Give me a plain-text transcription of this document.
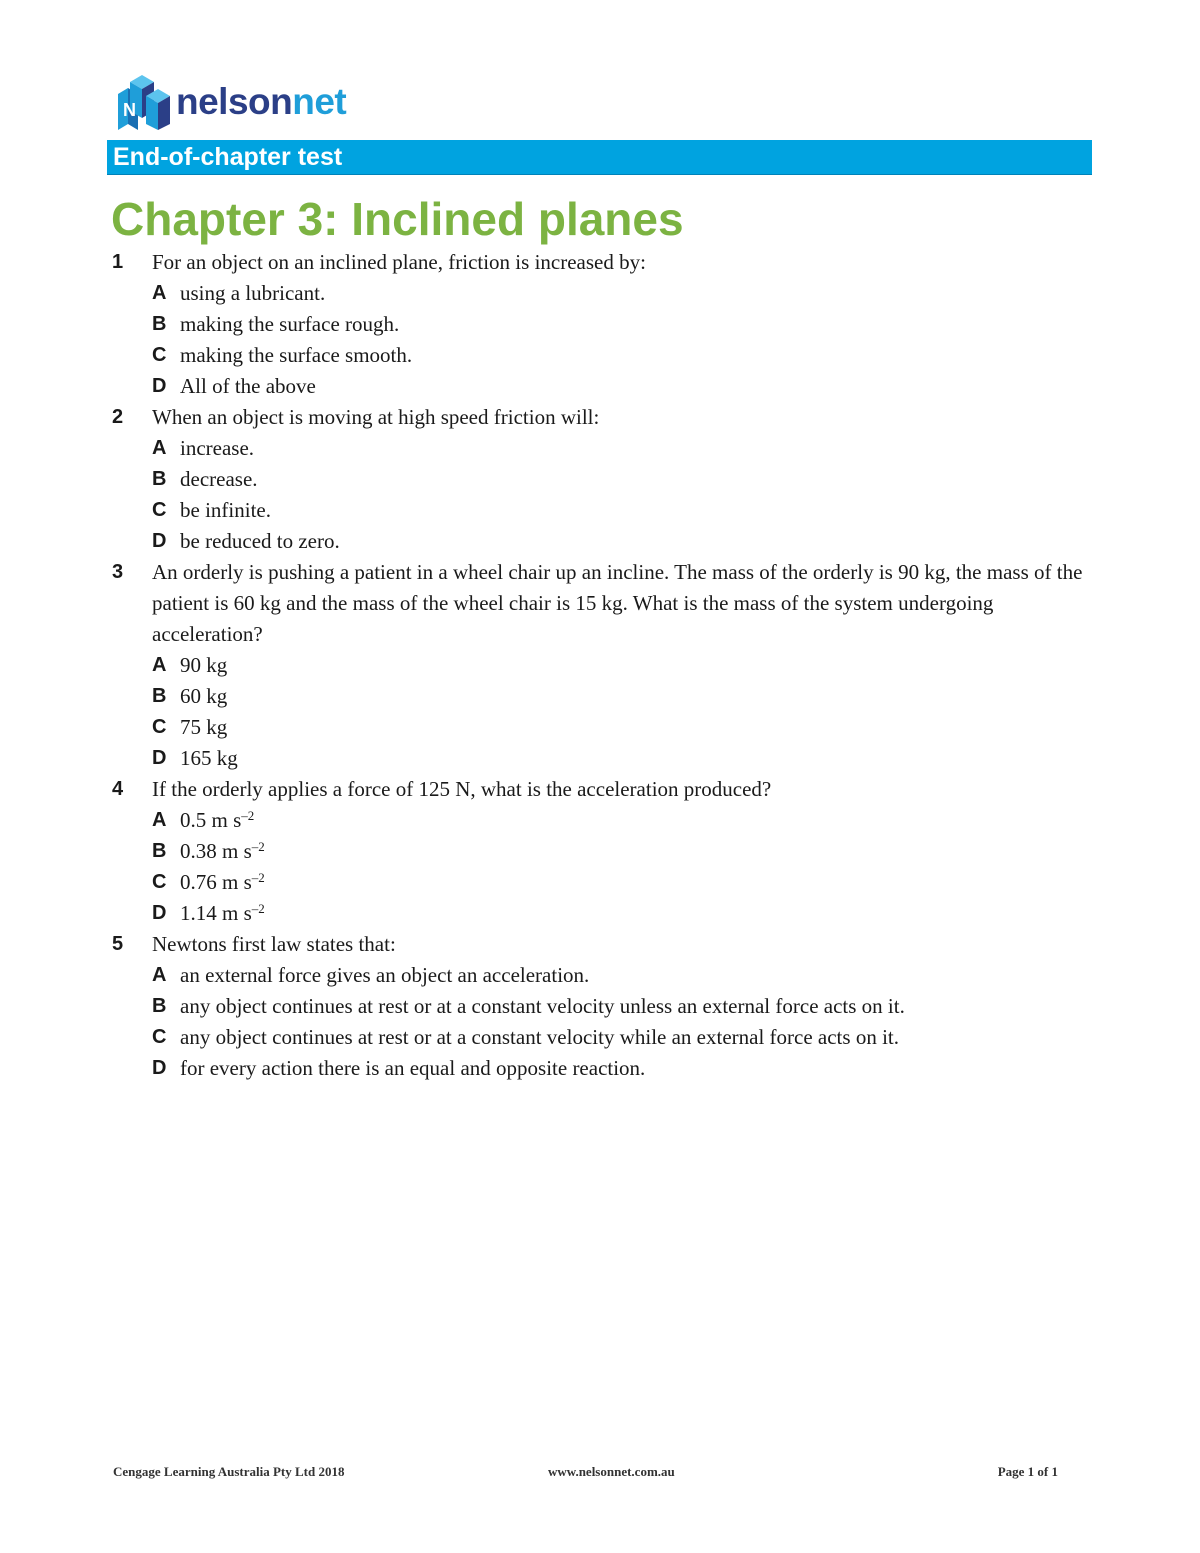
N nelsonnet
End-of-chapter test
Chapter 3: Inclined planes
1	For an object on an inclined plane, friction is increased by:
A using a lubricant.
B making the surface rough.
C making the surface smooth.
D All of the above
2	When an object is moving at high speed friction will:
A increase.
B decrease.
C be infinite.
D be reduced to zero.
3	An orderly is pushing a patient in a wheel chair up an incline. The mass of the orderly is 90 kg, the mass of the patient is 60 kg and the mass of the wheel chair is 15 kg. What is the mass of the system undergoing acceleration?
A 90 kg
B 60 kg
C 75 kg
D 165 kg
4	If the orderly applies a force of 125 N, what is the acceleration produced?
A 0.5 m $s^{-2}$
B 0.38 m $s^{-2}$
C 0.76 m $s^{-2}$
D 1.14 m $s^{-2}$
5	Newtons first law states that:
A an external force gives an object an acceleration.
B any object continues at rest or at a constant velocity unless an external force acts on it.
C any object continues at rest or at a constant velocity while an external force acts on it.
D for every action there is an equal and opposite reaction.
Cengage Learning Australia Pty Ltd 2018	www.nelsonnet.com.au	Page 1 of 1
